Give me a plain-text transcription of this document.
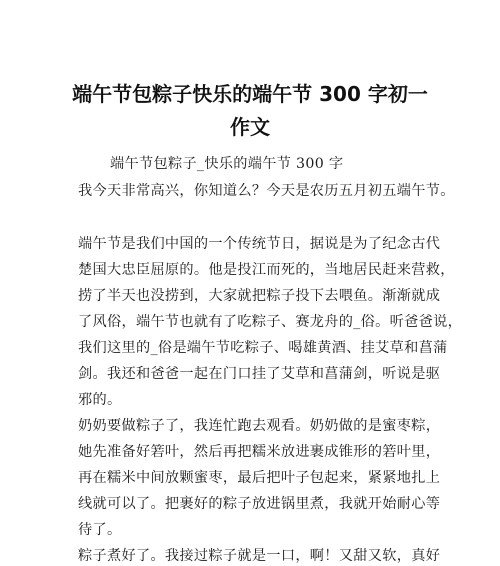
端午节包粽子快乐的端午节 300 字初一作文
端午节包粽子_快乐的端午节 300 字
我今天非常高兴，你知道么？今天是农历五月初五端午节。
端午节是我们中国的一个传统节日，据说是为了纪念古代
楚国大忠臣屈原的。他是投江而死的，当地居民赶来营救，
捞了半天也没捞到，大家就把粽子投下去喂鱼。渐渐就成
了风俗，端午节也就有了吃粽子、赛龙舟的_俗。听爸爸说，
我们这里的_俗是端午节吃粽子、喝雄黄酒、挂艾草和菖蒲
剑。我还和爸爸一起在门口挂了艾草和菖蒲剑，听说是驱
邪的。
奶奶要做粽子了，我连忙跑去观看。奶奶做的是蜜枣粽，
她先准备好箬叶，然后再把糯米放进裹成锥形的箬叶里，
再在糯米中间放颗蜜枣，最后把叶子包起来，紧紧地扎上
线就可以了。把裹好的粽子放进锅里煮，我就开始耐心等
待了。
粽子煮好了。我接过粽子就是一口，啊！又甜又软，真好
